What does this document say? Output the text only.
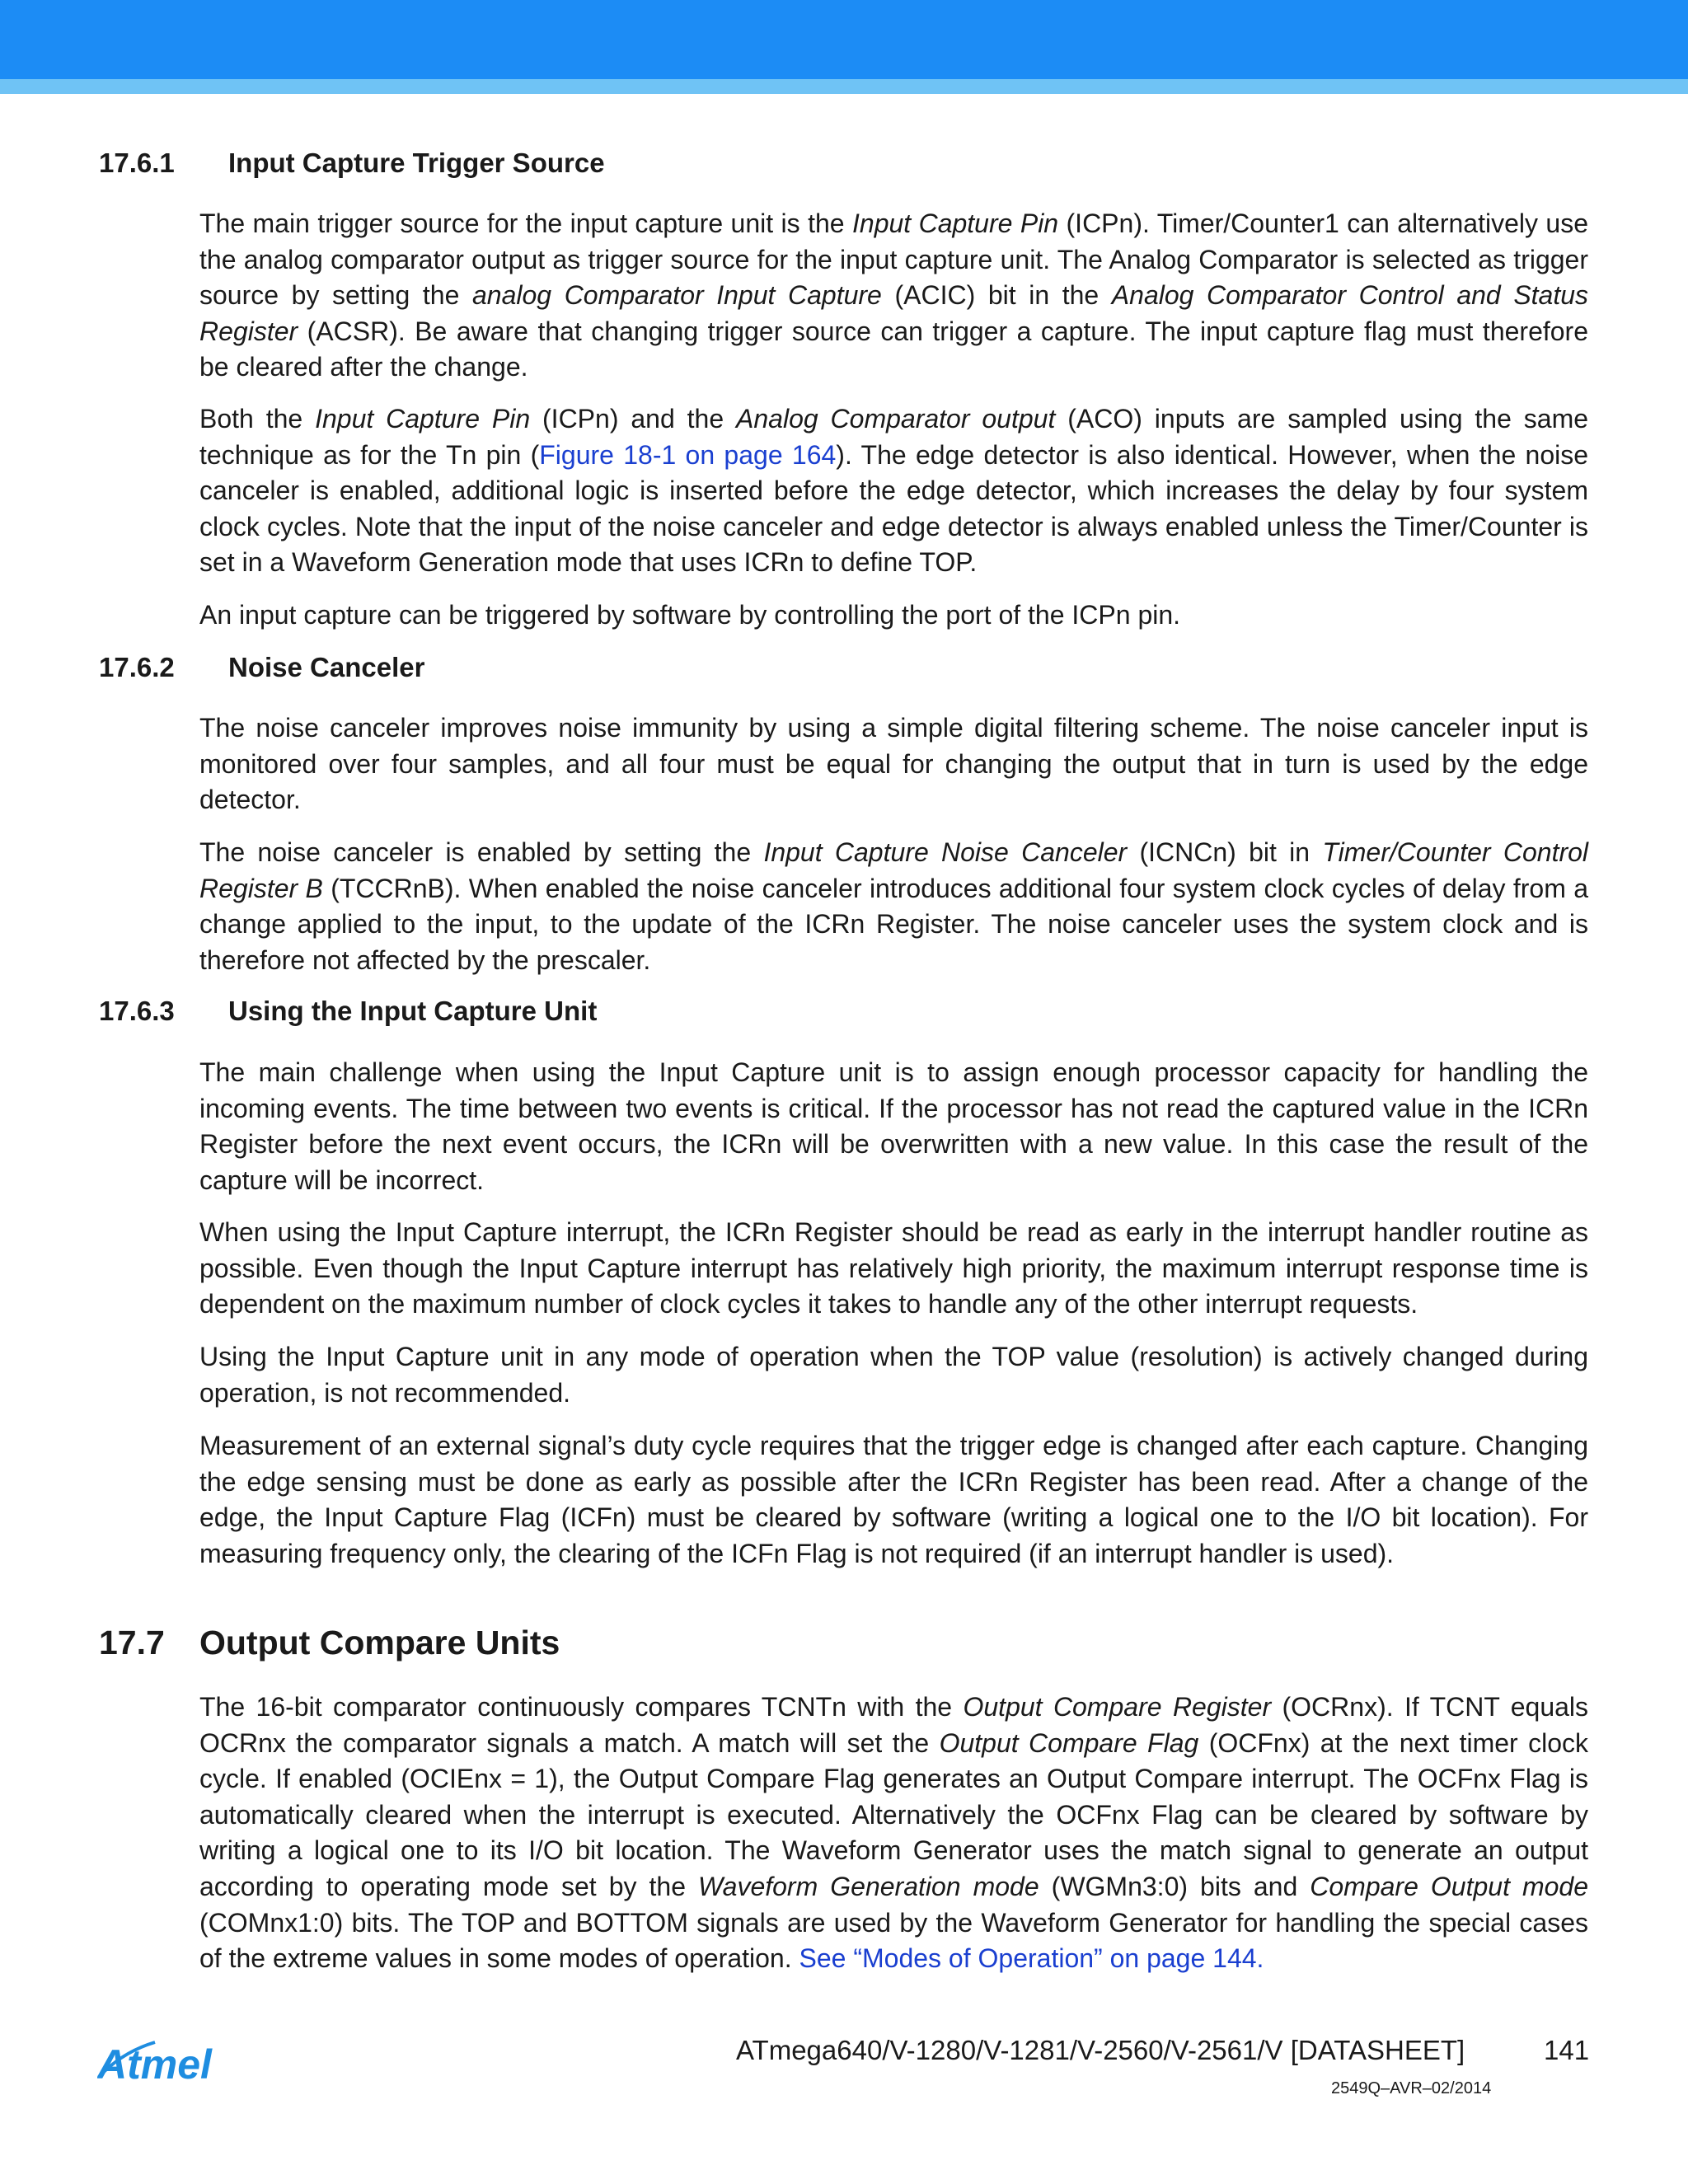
17.6.1 Input Capture Trigger Source
The main trigger source for the input capture unit is the Input Capture Pin (ICPn). Timer/Counter1 can alternatively use the analog comparator output as trigger source for the input capture unit. The Analog Comparator is selected as trigger source by setting the analog Comparator Input Capture (ACIC) bit in the Analog Comparator Control and Status Register (ACSR). Be aware that changing trigger source can trigger a capture. The input capture flag must therefore be cleared after the change.
Both the Input Capture Pin (ICPn) and the Analog Comparator output (ACO) inputs are sampled using the same technique as for the Tn pin (Figure 18-1 on page 164). The edge detector is also identical. However, when the noise canceler is enabled, additional logic is inserted before the edge detector, which increases the delay by four system clock cycles. Note that the input of the noise canceler and edge detector is always enabled unless the Timer/Counter is set in a Waveform Generation mode that uses ICRn to define TOP.
An input capture can be triggered by software by controlling the port of the ICPn pin.
17.6.2 Noise Canceler
The noise canceler improves noise immunity by using a simple digital filtering scheme. The noise canceler input is monitored over four samples, and all four must be equal for changing the output that in turn is used by the edge detector.
The noise canceler is enabled by setting the Input Capture Noise Canceler (ICNCn) bit in Timer/Counter Control Register B (TCCRnB). When enabled the noise canceler introduces additional four system clock cycles of delay from a change applied to the input, to the update of the ICRn Register. The noise canceler uses the system clock and is therefore not affected by the prescaler.
17.6.3 Using the Input Capture Unit
The main challenge when using the Input Capture unit is to assign enough processor capacity for handling the incoming events. The time between two events is critical. If the processor has not read the captured value in the ICRn Register before the next event occurs, the ICRn will be overwritten with a new value. In this case the result of the capture will be incorrect.
When using the Input Capture interrupt, the ICRn Register should be read as early in the interrupt handler routine as possible. Even though the Input Capture interrupt has relatively high priority, the maximum interrupt response time is dependent on the maximum number of clock cycles it takes to handle any of the other interrupt requests.
Using the Input Capture unit in any mode of operation when the TOP value (resolution) is actively changed during operation, is not recommended.
Measurement of an external signal’s duty cycle requires that the trigger edge is changed after each capture. Changing the edge sensing must be done as early as possible after the ICRn Register has been read. After a change of the edge, the Input Capture Flag (ICFn) must be cleared by software (writing a logical one to the I/O bit location). For measuring frequency only, the clearing of the ICFn Flag is not required (if an interrupt handler is used).
17.7 Output Compare Units
The 16-bit comparator continuously compares TCNTn with the Output Compare Register (OCRnx). If TCNT equals OCRnx the comparator signals a match. A match will set the Output Compare Flag (OCFnx) at the next timer clock cycle. If enabled (OCIEnx = 1), the Output Compare Flag generates an Output Compare interrupt. The OCFnx Flag is automatically cleared when the interrupt is executed. Alternatively the OCFnx Flag can be cleared by software by writing a logical one to its I/O bit location. The Waveform Generator uses the match signal to generate an output according to operating mode set by the Waveform Generation mode (WGMn3:0) bits and Compare Output mode (COMnx1:0) bits. The TOP and BOTTOM signals are used by the Waveform Generator for handling the special cases of the extreme values in some modes of operation. See “Modes of Operation” on page 144.
Atmel	ATmega640/V-1280/V-1281/V-2560/V-2561/V [DATASHEET]	141
2549Q–AVR–02/2014
